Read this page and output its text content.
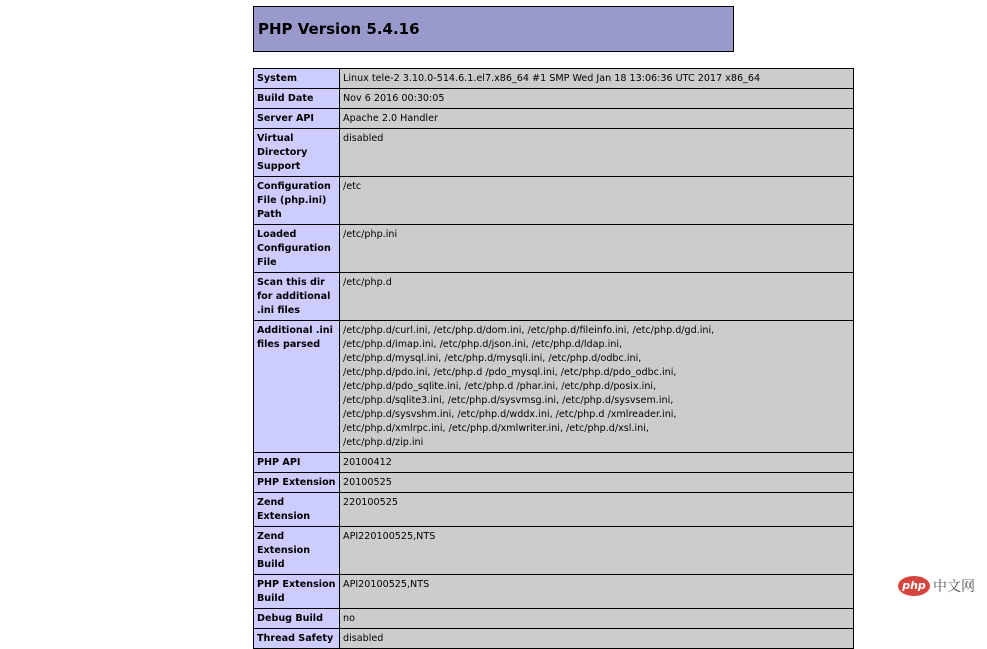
PHP Version 5.4.16
System	Linux tele-2 3.10.0-514.6.1.el7.x86_64 #1 SMP Wed Jan 18 13:06:36 UTC 2017 x86_64
Build Date	Nov 6 2016 00:30:05
Server API	Apache 2.0 Handler
Virtual Directory Support	disabled
Configuration File (php.ini) Path	/etc
Loaded Configuration File	/etc/php.ini
Scan this dir for additional .ini files	/etc/php.d
Additional .ini files parsed	/etc/php.d/curl.ini, /etc/php.d/dom.ini, /etc/php.d/fileinfo.ini, /etc/php.d/gd.ini, /etc/php.d/imap.ini, /etc/php.d/json.ini, /etc/php.d/ldap.ini, /etc/php.d/mysql.ini, /etc/php.d/mysqli.ini, /etc/php.d/odbc.ini, /etc/php.d/pdo.ini, /etc/php.d /pdo_mysql.ini, /etc/php.d/pdo_odbc.ini, /etc/php.d/pdo_sqlite.ini, /etc/php.d /phar.ini, /etc/php.d/posix.ini, /etc/php.d/sqlite3.ini, /etc/php.d/sysvmsg.ini, /etc/php.d/sysvsem.ini, /etc/php.d/sysvshm.ini, /etc/php.d/wddx.ini, /etc/php.d /xmlreader.ini, /etc/php.d/xmlrpc.ini, /etc/php.d/xmlwriter.ini, /etc/php.d/xsl.ini, /etc/php.d/zip.ini

PHP API	20100412
PHP Extension	20100525
Zend Extension	220100525
Zend Extension Build	API220100525,NTS
PHP Extension Build	API20100525,NTS
Debug Build	no
Thread Safety	disabled
php 中文网
